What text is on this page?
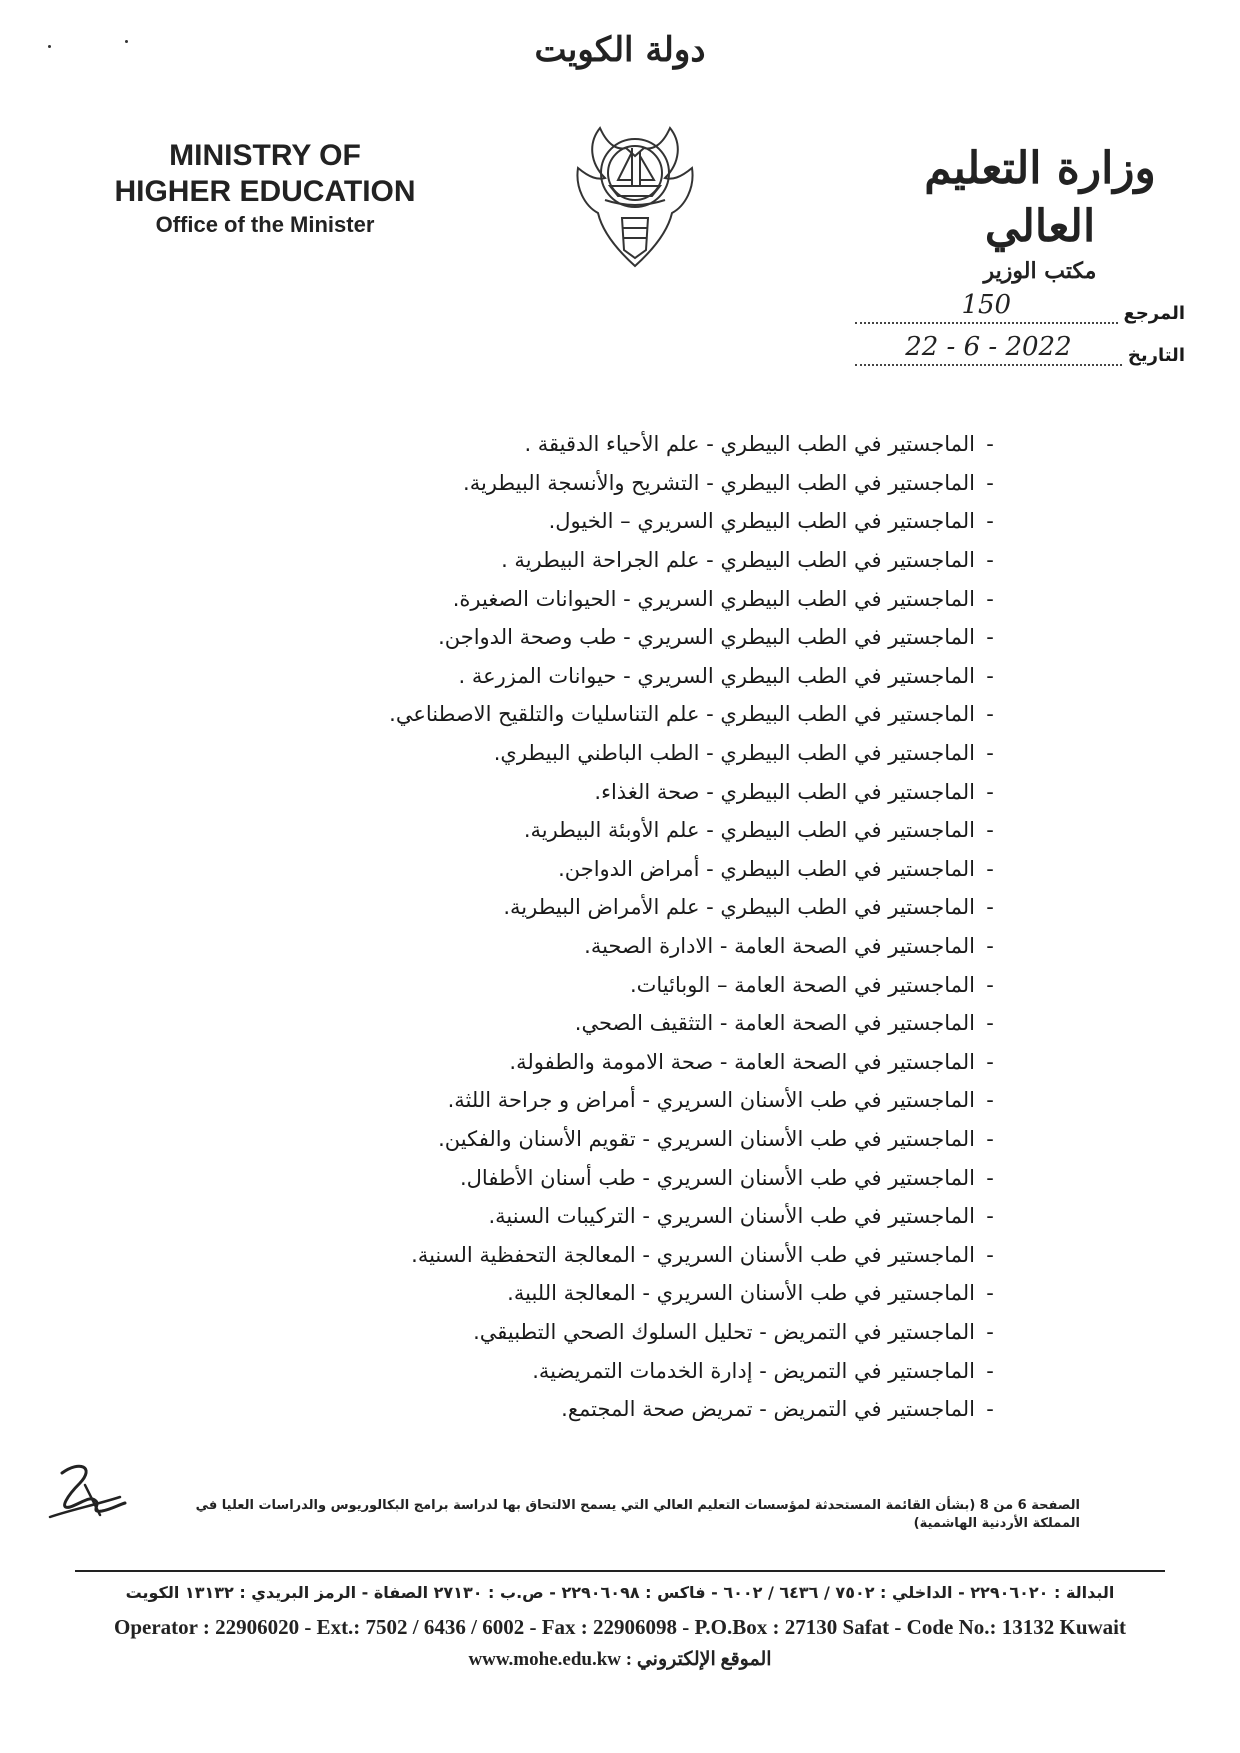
دولة الكويت
MINISTRY OF
HIGHER EDUCATION
Office of the Minister
وزارة التعليم العالي
مكتب الوزير
المرجع
150
التاريخ
22 - 6 - 2022
-
الماجستير في الطب البيطري - علم الأحياء الدقيقة .
-
الماجستير في الطب البيطري - التشريح والأنسجة البيطرية.
-
الماجستير في الطب البيطري السريري – الخيول.
-
الماجستير في الطب البيطري - علم الجراحة البيطرية .
-
الماجستير في الطب البيطري السريري - الحيوانات الصغيرة.
-
الماجستير في الطب البيطري السريري - طب وصحة الدواجن.
-
الماجستير في الطب البيطري السريري - حيوانات المزرعة .
-
الماجستير في الطب البيطري - علم التناسليات والتلقيح الاصطناعي.
-
الماجستير في الطب البيطري - الطب الباطني البيطري.
-
الماجستير في الطب البيطري - صحة الغذاء.
-
الماجستير في الطب البيطري - علم الأوبئة البيطرية.
-
الماجستير في الطب البيطري - أمراض الدواجن.
-
الماجستير في الطب البيطري - علم الأمراض البيطرية.
-
الماجستير في الصحة العامة - الادارة الصحية.
-
الماجستير في الصحة العامة – الوبائيات.
-
الماجستير في الصحة العامة - التثقيف الصحي.
-
الماجستير في الصحة العامة - صحة الامومة والطفولة.
-
الماجستير في طب الأسنان السريري - أمراض و جراحة اللثة.
-
الماجستير في طب الأسنان السريري - تقويم الأسنان والفكين.
-
الماجستير في طب الأسنان السريري - طب أسنان الأطفال.
-
الماجستير في طب الأسنان السريري - التركيبات السنية.
-
الماجستير في طب الأسنان السريري - المعالجة التحفظية السنية.
-
الماجستير في طب الأسنان السريري - المعالجة اللبية.
-
الماجستير في التمريض - تحليل السلوك الصحي التطبيقي.
-
الماجستير في التمريض - إدارة الخدمات التمريضية.
-
الماجستير في التمريض - تمريض صحة المجتمع.
الصفحة 6 من 8 (بشأن القائمة المستحدثة لمؤسسات التعليم العالي التي يسمح الالتحاق بها لدراسة برامج البكالوريوس والدراسات العليا في المملكة الأردنية الهاشمية)
البدالة : ٢٢٩٠٦٠٢٠ - الداخلي : ٧٥٠٢ / ٦٤٣٦ / ٦٠٠٢ - فاكس : ٢٢٩٠٦٠٩٨ - ص.ب : ٢٧١٣٠ الصفاة - الرمز البريدي : ١٣١٣٢ الكويت
Operator : 22906020 - Ext.: 7502 / 6436 / 6002 - Fax : 22906098 - P.O.Box : 27130 Safat - Code No.: 13132 Kuwait
www.mohe.edu.kw الموقع الإلكتروني :
